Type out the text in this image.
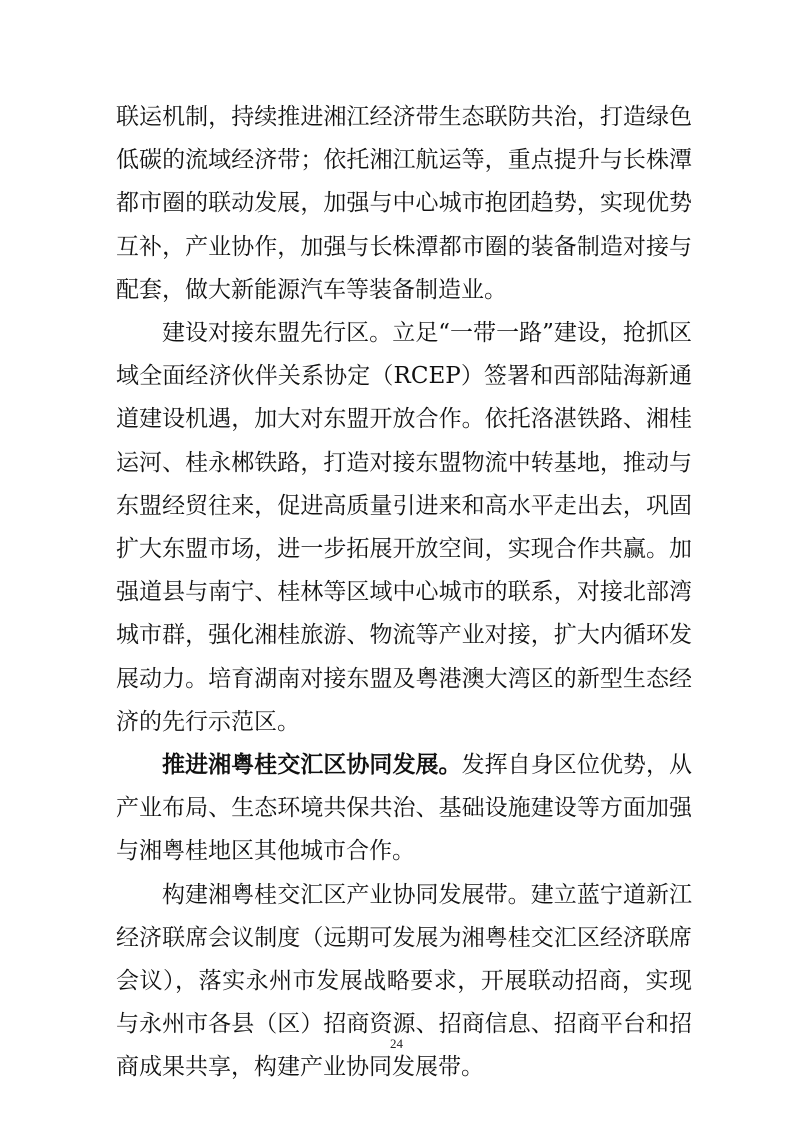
联运机制，持续推进湘江经济带生态联防共治，打造绿色低碳的流域经济带；依托湘江航运等，重点提升与长株潭都市圈的联动发展，加强与中心城市抱团趋势，实现优势互补，产业协作，加强与长株潭都市圈的装备制造对接与配套，做大新能源汽车等装备制造业。

建设对接东盟先行区。立足“一带一路”建设，抢抓区域全面经济伙伴关系协定（RCEP）签署和西部陆海新通道建设机遇，加大对东盟开放合作。依托洛湛铁路、湘桂运河、桂永郴铁路，打造对接东盟物流中转基地，推动与东盟经贸往来，促进高质量引进来和高水平走出去，巩固扩大东盟市场，进一步拓展开放空间，实现合作共赢。加强道县与南宁、桂林等区域中心城市的联系，对接北部湾城市群，强化湘桂旅游、物流等产业对接，扩大内循环发展动力。培育湖南对接东盟及粤港澳大湾区的新型生态经济的先行示范区。

推进湘粤桂交汇区协同发展。发挥自身区位优势，从产业布局、生态环境共保共治、基础设施建设等方面加强与湘粤桂地区其他城市合作。

构建湘粤桂交汇区产业协同发展带。建立蓝宁道新江经济联席会议制度（远期可发展为湘粤桂交汇区经济联席会议），落实永州市发展战略要求，开展联动招商，实现与永州市各县（区）招商资源、招商信息、招商平台和招商成果共享，构建产业协同发展带。

24
